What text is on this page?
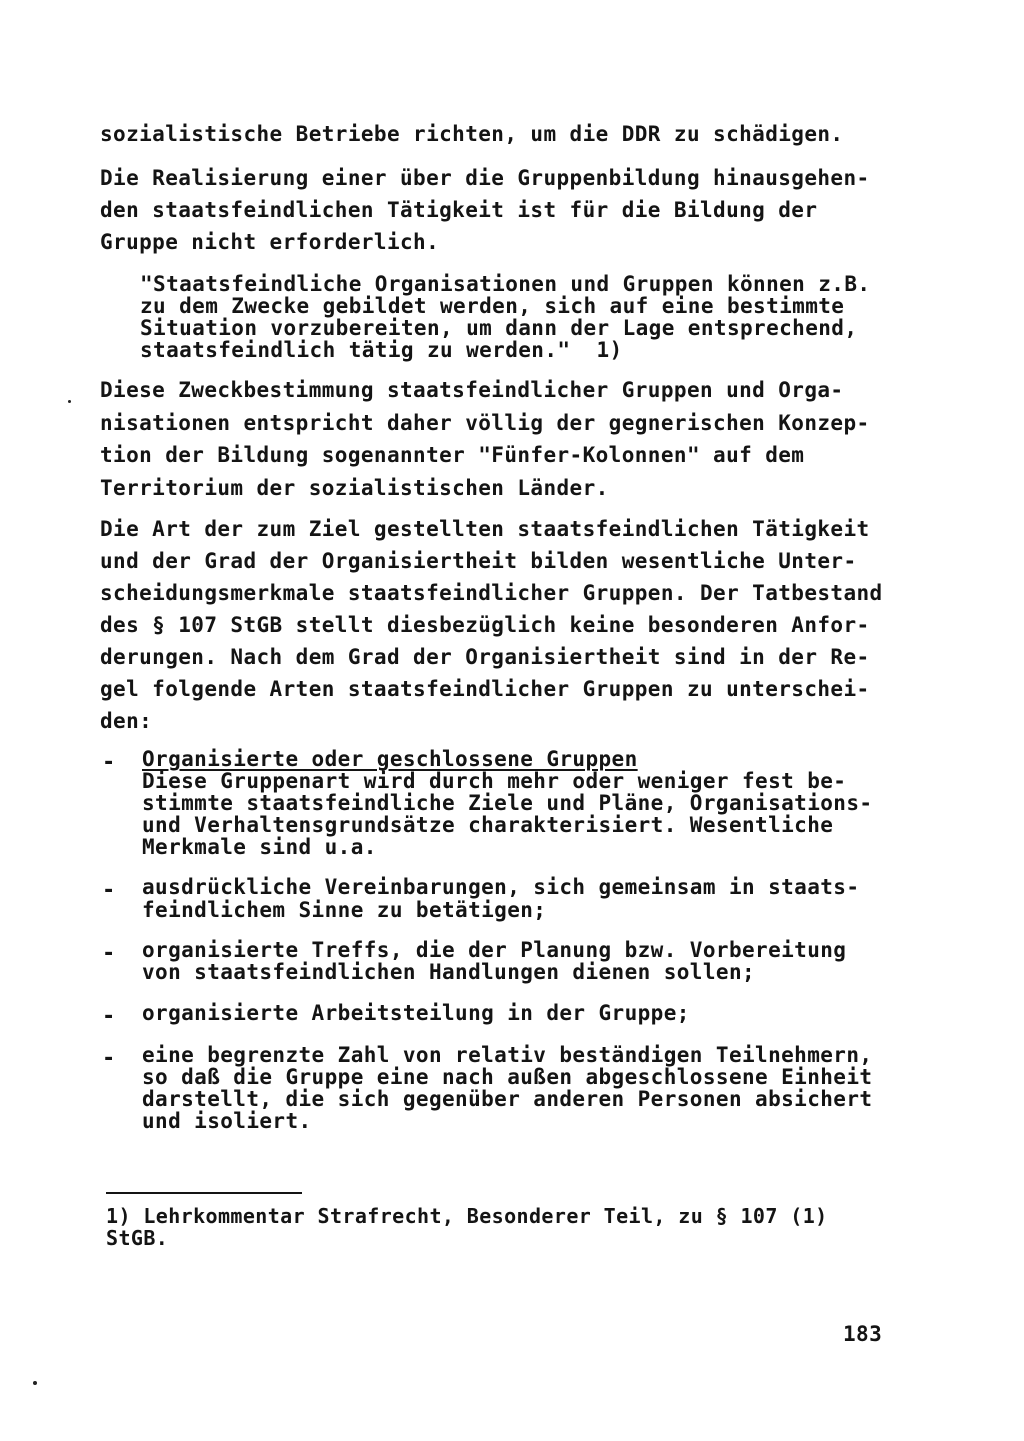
sozialistische Betriebe richten, um die DDR zu schädigen.
Die Realisierung einer über die Gruppenbildung hinausgehen-
den staatsfeindlichen Tätigkeit ist für die Bildung der
Gruppe nicht erforderlich.
"Staatsfeindliche Organisationen und Gruppen können z.B.
zu dem Zwecke gebildet werden, sich auf eine bestimmte
Situation vorzubereiten, um dann der Lage entsprechend,
staatsfeindlich tätig zu werden."  1)
Diese Zweckbestimmung staatsfeindlicher Gruppen und Orga-
nisationen entspricht daher völlig der gegnerischen Konzep-
tion der Bildung sogenannter "Fünfer-Kolonnen" auf dem
Territorium der sozialistischen Länder.
Die Art der zum Ziel gestellten staatsfeindlichen Tätigkeit
und der Grad der Organisiertheit bilden wesentliche Unter-
scheidungsmerkmale staatsfeindlicher Gruppen. Der Tatbestand
des § 107 StGB stellt diesbezüglich keine besonderen Anfor-
derungen. Nach dem Grad der Organisiertheit sind in der Re-
gel folgende Arten staatsfeindlicher Gruppen zu unterschei-
den:
- Organisierte oder geschlossene Gruppen
Diese Gruppenart wird durch mehr oder weniger fest be-
stimmte staatsfeindliche Ziele und Pläne, Organisations-
und Verhaltensgrundsätze charakterisiert. Wesentliche
Merkmale sind u.a.
- ausdrückliche Vereinbarungen, sich gemeinsam in staats-
feindlichem Sinne zu betätigen;
- organisierte Treffs, die der Planung bzw. Vorbereitung
von staatsfeindlichen Handlungen dienen sollen;
- organisierte Arbeitsteilung in der Gruppe;
- eine begrenzte Zahl von relativ beständigen Teilnehmern,
so daß die Gruppe eine nach außen abgeschlossene Einheit
darstellt, die sich gegenüber anderen Personen absichert
und isoliert.
1) Lehrkommentar Strafrecht, Besonderer Teil, zu § 107 (1)
StGB.
183
